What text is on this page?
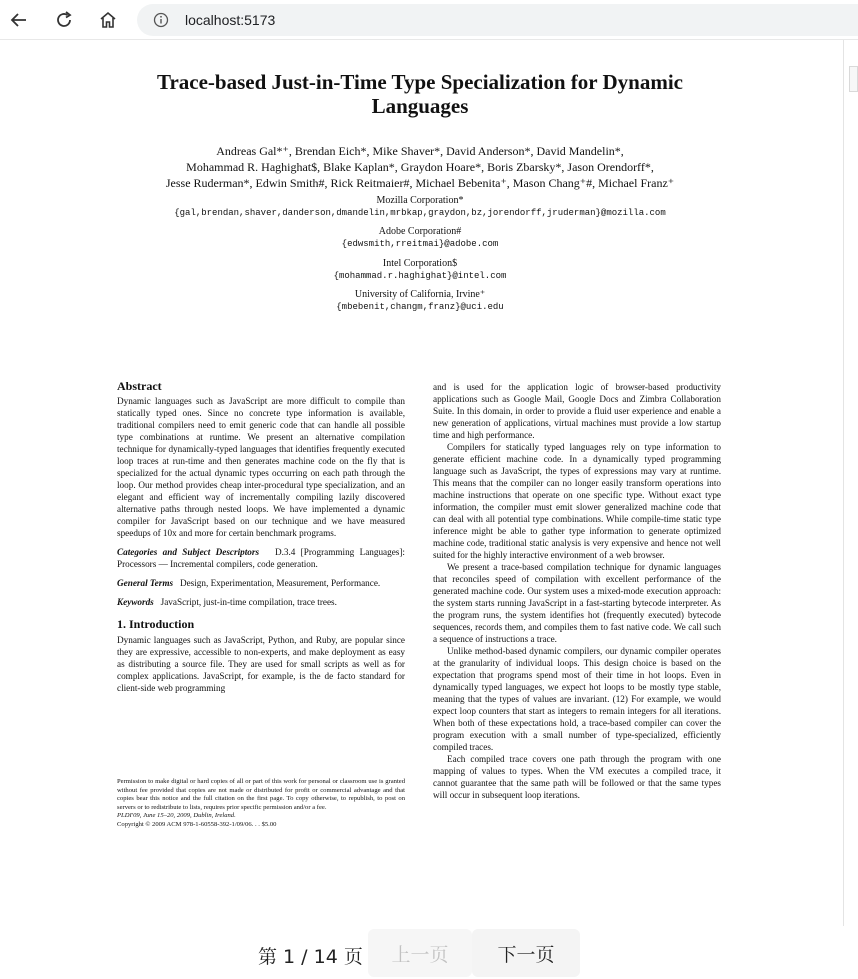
localhost:5173
Trace-based Just-in-Time Type Specialization for Dynamic
Languages
Andreas Gal*⁺, Brendan Eich*, Mike Shaver*, David Anderson*, David Mandelin*,
Mohammad R. Haghighat$, Blake Kaplan*, Graydon Hoare*, Boris Zbarsky*, Jason Orendorff*,
Jesse Ruderman*, Edwin Smith#, Rick Reitmaier#, Michael Bebenita⁺, Mason Chang⁺#, Michael Franz⁺
Mozilla Corporation*
{gal,brendan,shaver,danderson,dmandelin,mrbkap,graydon,bz,jorendorff,jruderman}@mozilla.com
Adobe Corporation#
{edwsmith,rreitmai}@adobe.com
Intel Corporation$
{mohammad.r.haghighat}@intel.com
University of California, Irvine⁺
{mbebenit,changm,franz}@uci.edu
Abstract

Dynamic languages such as JavaScript are more difficult to compile than statically typed ones. Since no concrete type information is available, traditional compilers need to emit generic code that can handle all possible type combinations at runtime. We present an alternative compilation technique for dynamically-typed languages that identifies frequently executed loop traces at run-time and then generates machine code on the fly that is specialized for the actual dynamic types occurring on each path through the loop. Our method provides cheap inter-procedural type specialization, and an elegant and efficient way of incrementally compiling lazily discovered alternative paths through nested loops. We have implemented a dynamic compiler for JavaScript based on our technique and we have measured speedups of 10x and more for certain benchmark programs.

Categories and Subject Descriptors D.3.4 [Programming Languages]: Processors — Incremental compilers, code generation.

General Terms Design, Experimentation, Measurement, Performance.

Keywords JavaScript, just-in-time compilation, trace trees.

1. Introduction

Dynamic languages such as JavaScript, Python, and Ruby, are popular since they are expressive, accessible to non-experts, and make deployment as easy as distributing a source file. They are used for small scripts as well as for complex applications. JavaScript, for example, is the de facto standard for client-side web programming

Permission to make digital or hard copies of all or part of this work for personal or classroom use is granted without fee provided that copies are not made or distributed for profit or commercial advantage and that copies bear this notice and the full citation on the first page. To copy otherwise, to republish, to post on servers or to redistribute to lists, requires prior specific permission and/or a fee.

PLDI'09, June 15–20, 2009, Dublin, Ireland.

Copyright © 2009 ACM 978-1-60558-392-1/09/06. . . $5.00

and is used for the application logic of browser-based productivity applications such as Google Mail, Google Docs and Zimbra Collaboration Suite. In this domain, in order to provide a fluid user experience and enable a new generation of applications, virtual machines must provide a low startup time and high performance.

Compilers for statically typed languages rely on type information to generate efficient machine code. In a dynamically typed programming language such as JavaScript, the types of expressions may vary at runtime. This means that the compiler can no longer easily transform operations into machine instructions that operate on one specific type. Without exact type information, the compiler must emit slower generalized machine code that can deal with all potential type combinations. While compile-time static type inference might be able to gather type information to generate optimized machine code, traditional static analysis is very expensive and hence not well suited for the highly interactive environment of a web browser.

We present a trace-based compilation technique for dynamic languages that reconciles speed of compilation with excellent performance of the generated machine code. Our system uses a mixed-mode execution approach: the system starts running JavaScript in a fast-starting bytecode interpreter. As the program runs, the system identifies hot (frequently executed) bytecode sequences, records them, and compiles them to fast native code. We call such a sequence of instructions a trace.

Unlike method-based dynamic compilers, our dynamic compiler operates at the granularity of individual loops. This design choice is based on the expectation that programs spend most of their time in hot loops. Even in dynamically typed languages, we expect hot loops to be mostly type stable, meaning that the types of values are invariant. (12) For example, we would expect loop counters that start as integers to remain integers for all iterations. When both of these expectations hold, a trace-based compiler can cover the program execution with a small number of type-specialized, efficiently compiled traces.

Each compiled trace covers one path through the program with one mapping of values to types. When the VM executes a compiled trace, it cannot guarantee that the same path will be followed or that the same types will occur in subsequent loop iterations.

第 1 / 14 页	上一页	下一页
